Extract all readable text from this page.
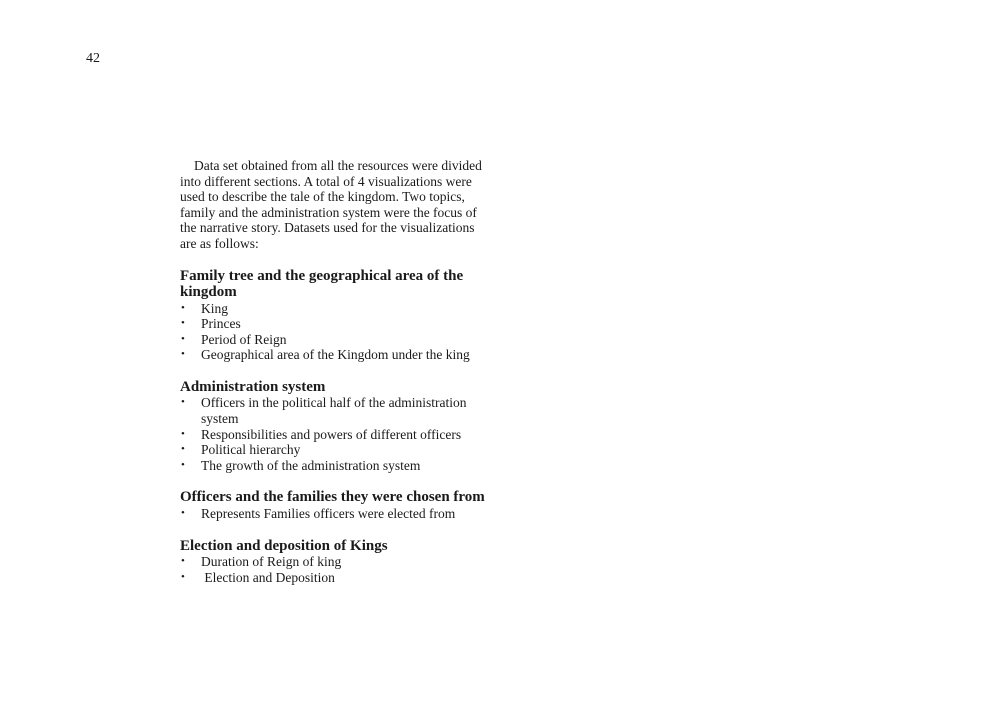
42

Data set obtained from all the resources were divided into different sections. A total of 4 visualizations were used to describe the tale of the kingdom. Two topics, family and the administration system were the focus of the narrative story. Datasets used for the visualizations are as follows:

Family tree and the geographical area of the kingdom
• King
• Princes
• Period of Reign
• Geographical area of the Kingdom under the king
Administration system
• Officers in the political half of the administration system
• Responsibilities and powers of different officers
• Political hierarchy
• The growth of the administration system
Officers and the families they were chosen from
• Represents Families officers were elected from
Election and deposition of Kings
• Duration of Reign of king
•  Election and Deposition
